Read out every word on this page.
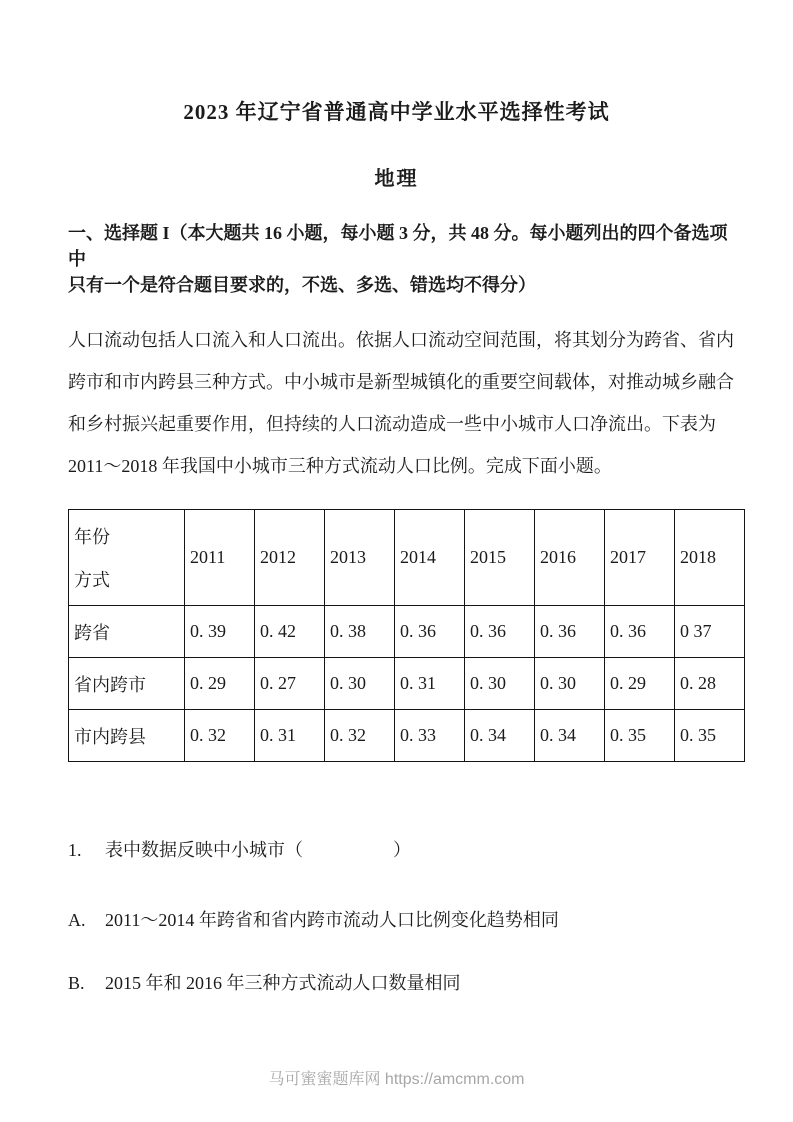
2023 年辽宁省普通高中学业水平选择性考试
地理
一、选择题 I（本大题共 16 小题，每小题 3 分，共 48 分。每小题列出的四个备选项中
只有一个是符合题目要求的，不选、多选、错选均不得分）
人口流动包括人口流入和人口流出。依据人口流动空间范围，将其划分为跨省、省内
跨市和市内跨县三种方式。中小城市是新型城镇化的重要空间载体，对推动城乡融合
和乡村振兴起重要作用，但持续的人口流动造成一些中小城市人口净流出。下表为
2011～2018 年我国中小城市三种方式流动人口比例。完成下面小题。
年份
方式	2011	2012	2013	2014	2015	2016	2017	2018
跨省	0. 39	0. 42	0. 38	0. 36	0. 36	0. 36	0. 36	0 37
省内跨市	0. 29	0. 27	0. 30	0. 31	0. 30	0. 30	0. 29	0. 28
市内跨县	0. 32	0. 31	0. 32	0. 33	0. 34	0. 34	0. 35	0. 35
1.	表中数据反映中小城市（　　　　　）
A.	2011～2014 年跨省和省内跨市流动人口比例变化趋势相同
B.	2015 年和 2016 年三种方式流动人口数量相同
马可蜜蜜题库网 https://amcmm.com
